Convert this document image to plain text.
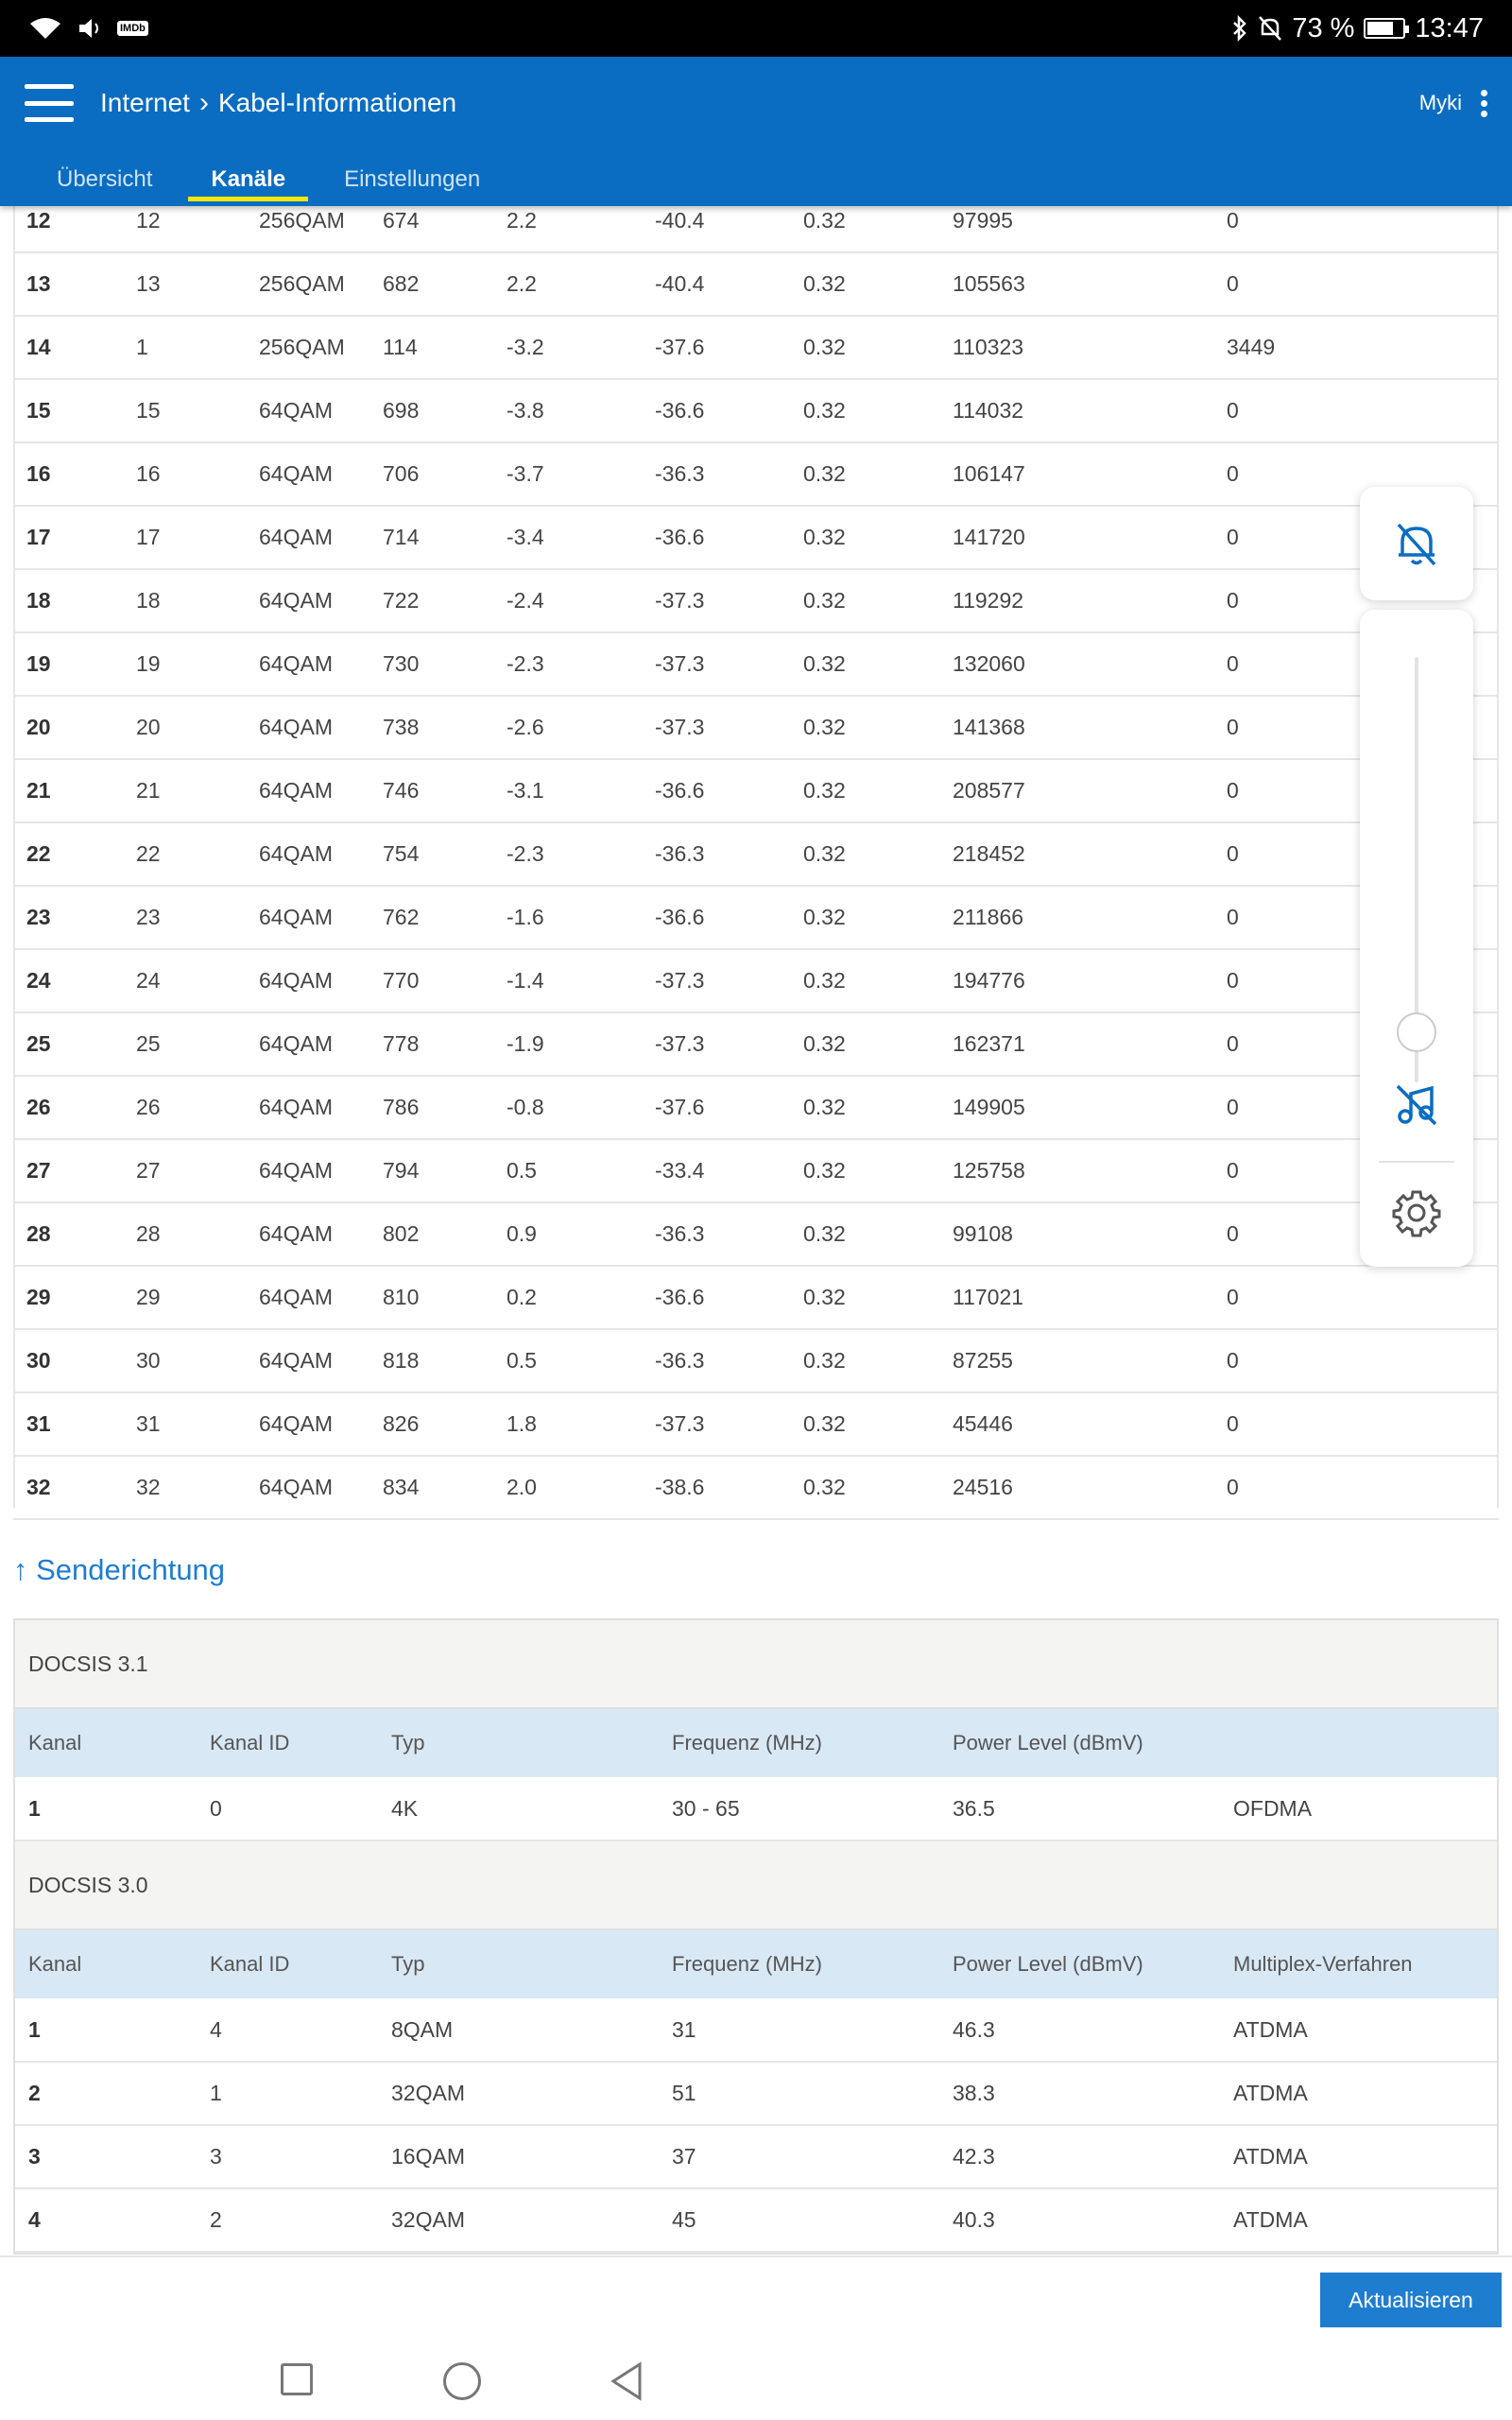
12	12	256QAM	674	2.2	-40.4	0.32	97995	0
13	13	256QAM	682	2.2	-40.4	0.32	105563	0
14	1	256QAM	114	-3.2	-37.6	0.32	110323	3449
15	15	64QAM	698	-3.8	-36.6	0.32	114032	0
16	16	64QAM	706	-3.7	-36.3	0.32	106147	0
17	17	64QAM	714	-3.4	-36.6	0.32	141720	0
18	18	64QAM	722	-2.4	-37.3	0.32	119292	0
19	19	64QAM	730	-2.3	-37.3	0.32	132060	0
20	20	64QAM	738	-2.6	-37.3	0.32	141368	0
21	21	64QAM	746	-3.1	-36.6	0.32	208577	0
22	22	64QAM	754	-2.3	-36.3	0.32	218452	0
23	23	64QAM	762	-1.6	-36.6	0.32	211866	0
24	24	64QAM	770	-1.4	-37.3	0.32	194776	0
25	25	64QAM	778	-1.9	-37.3	0.32	162371	0
26	26	64QAM	786	-0.8	-37.6	0.32	149905	0
27	27	64QAM	794	0.5	-33.4	0.32	125758	0
28	28	64QAM	802	0.9	-36.3	0.32	99108	0
29	29	64QAM	810	0.2	-36.6	0.32	117021	0
30	30	64QAM	818	0.5	-36.3	0.32	87255	0
31	31	64QAM	826	1.8	-37.3	0.32	45446	0
32	32	64QAM	834	2.0	-38.6	0.32	24516	0
↑ Senderichtung
DOCSIS 3.1
Kanal	Kanal ID	Typ	Frequenz (MHz)	Power Level (dBmV)	
1	0	4K	30 - 65	36.5	OFDMA
DOCSIS 3.0
Kanal	Kanal ID	Typ	Frequenz (MHz)	Power Level (dBmV)	Multiplex-Verfahren
1	4	8QAM	31	46.3	ATDMA
2	1	32QAM	51	38.3	ATDMA
3	3	16QAM	37	42.3	ATDMA
4	2	32QAM	45	40.3	ATDMA
Aktualisieren
IMDb	73 % 13:47
Internet › Kabel-Informationen	Myki
Übersicht	Kanäle	Einstellungen
